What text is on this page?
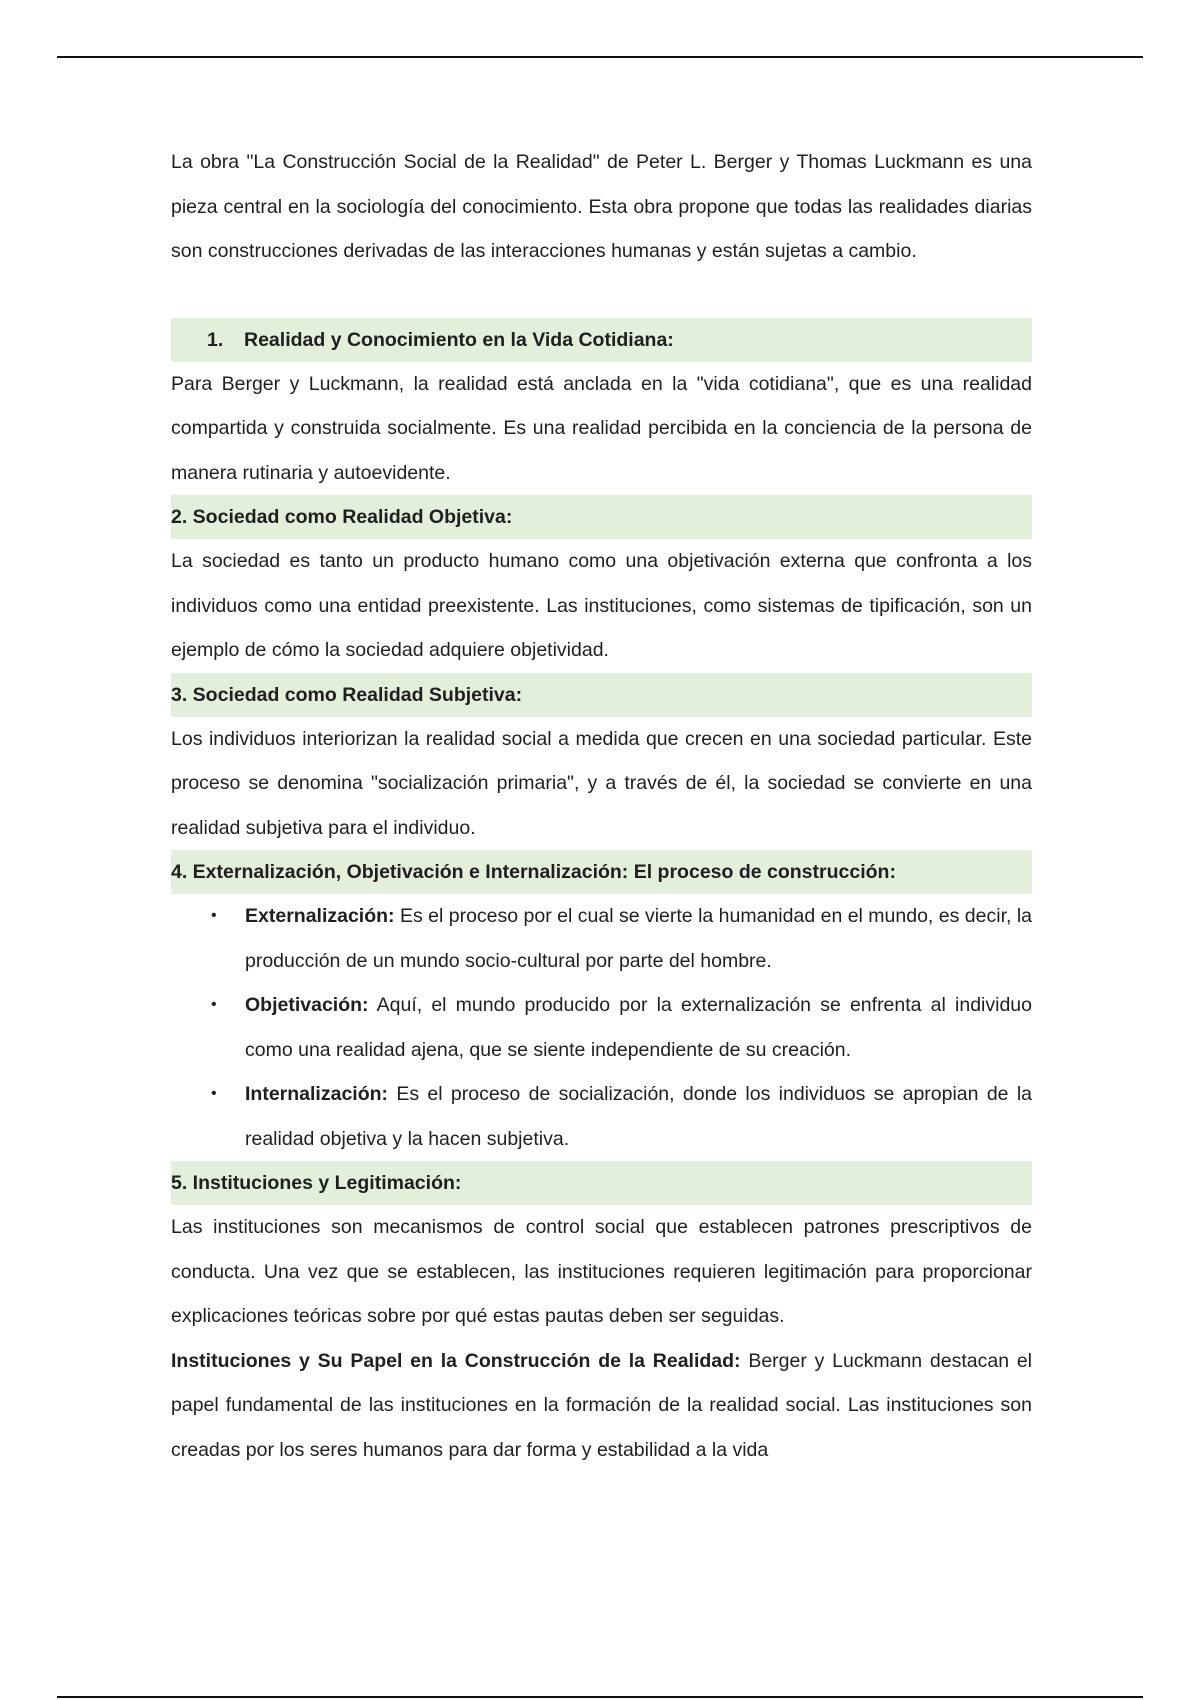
La obra "La Construcción Social de la Realidad" de Peter L. Berger y Thomas Luckmann es una pieza central en la sociología del conocimiento. Esta obra propone que todas las realidades diarias son construcciones derivadas de las interacciones humanas y están sujetas a cambio.

1. Realidad y Conocimiento en la Vida Cotidiana:

Para Berger y Luckmann, la realidad está anclada en la "vida cotidiana", que es una realidad compartida y construida socialmente. Es una realidad percibida en la conciencia de la persona de manera rutinaria y autoevidente.

2. Sociedad como Realidad Objetiva:

La sociedad es tanto un producto humano como una objetivación externa que confronta a los individuos como una entidad preexistente. Las instituciones, como sistemas de tipificación, son un ejemplo de cómo la sociedad adquiere objetividad.

3. Sociedad como Realidad Subjetiva:

Los individuos interiorizan la realidad social a medida que crecen en una sociedad particular. Este proceso se denomina "socialización primaria", y a través de él, la sociedad se convierte en una realidad subjetiva para el individuo.

4. Externalización, Objetivación e Internalización: El proceso de construcción:
• Externalización: Es el proceso por el cual se vierte la humanidad en el mundo, es decir, la producción de un mundo socio-cultural por parte del hombre.
• Objetivación: Aquí, el mundo producido por la externalización se enfrenta al individuo como una realidad ajena, que se siente independiente de su creación.
• Internalización: Es el proceso de socialización, donde los individuos se apropian de la realidad objetiva y la hacen subjetiva.
5. Instituciones y Legitimación:

Las instituciones son mecanismos de control social que establecen patrones prescriptivos de conducta. Una vez que se establecen, las instituciones requieren legitimación para proporcionar explicaciones teóricas sobre por qué estas pautas deben ser seguidas.

Instituciones y Su Papel en la Construcción de la Realidad: Berger y Luckmann destacan el papel fundamental de las instituciones en la formación de la realidad social. Las instituciones son creadas por los seres humanos para dar forma y estabilidad a la vida
